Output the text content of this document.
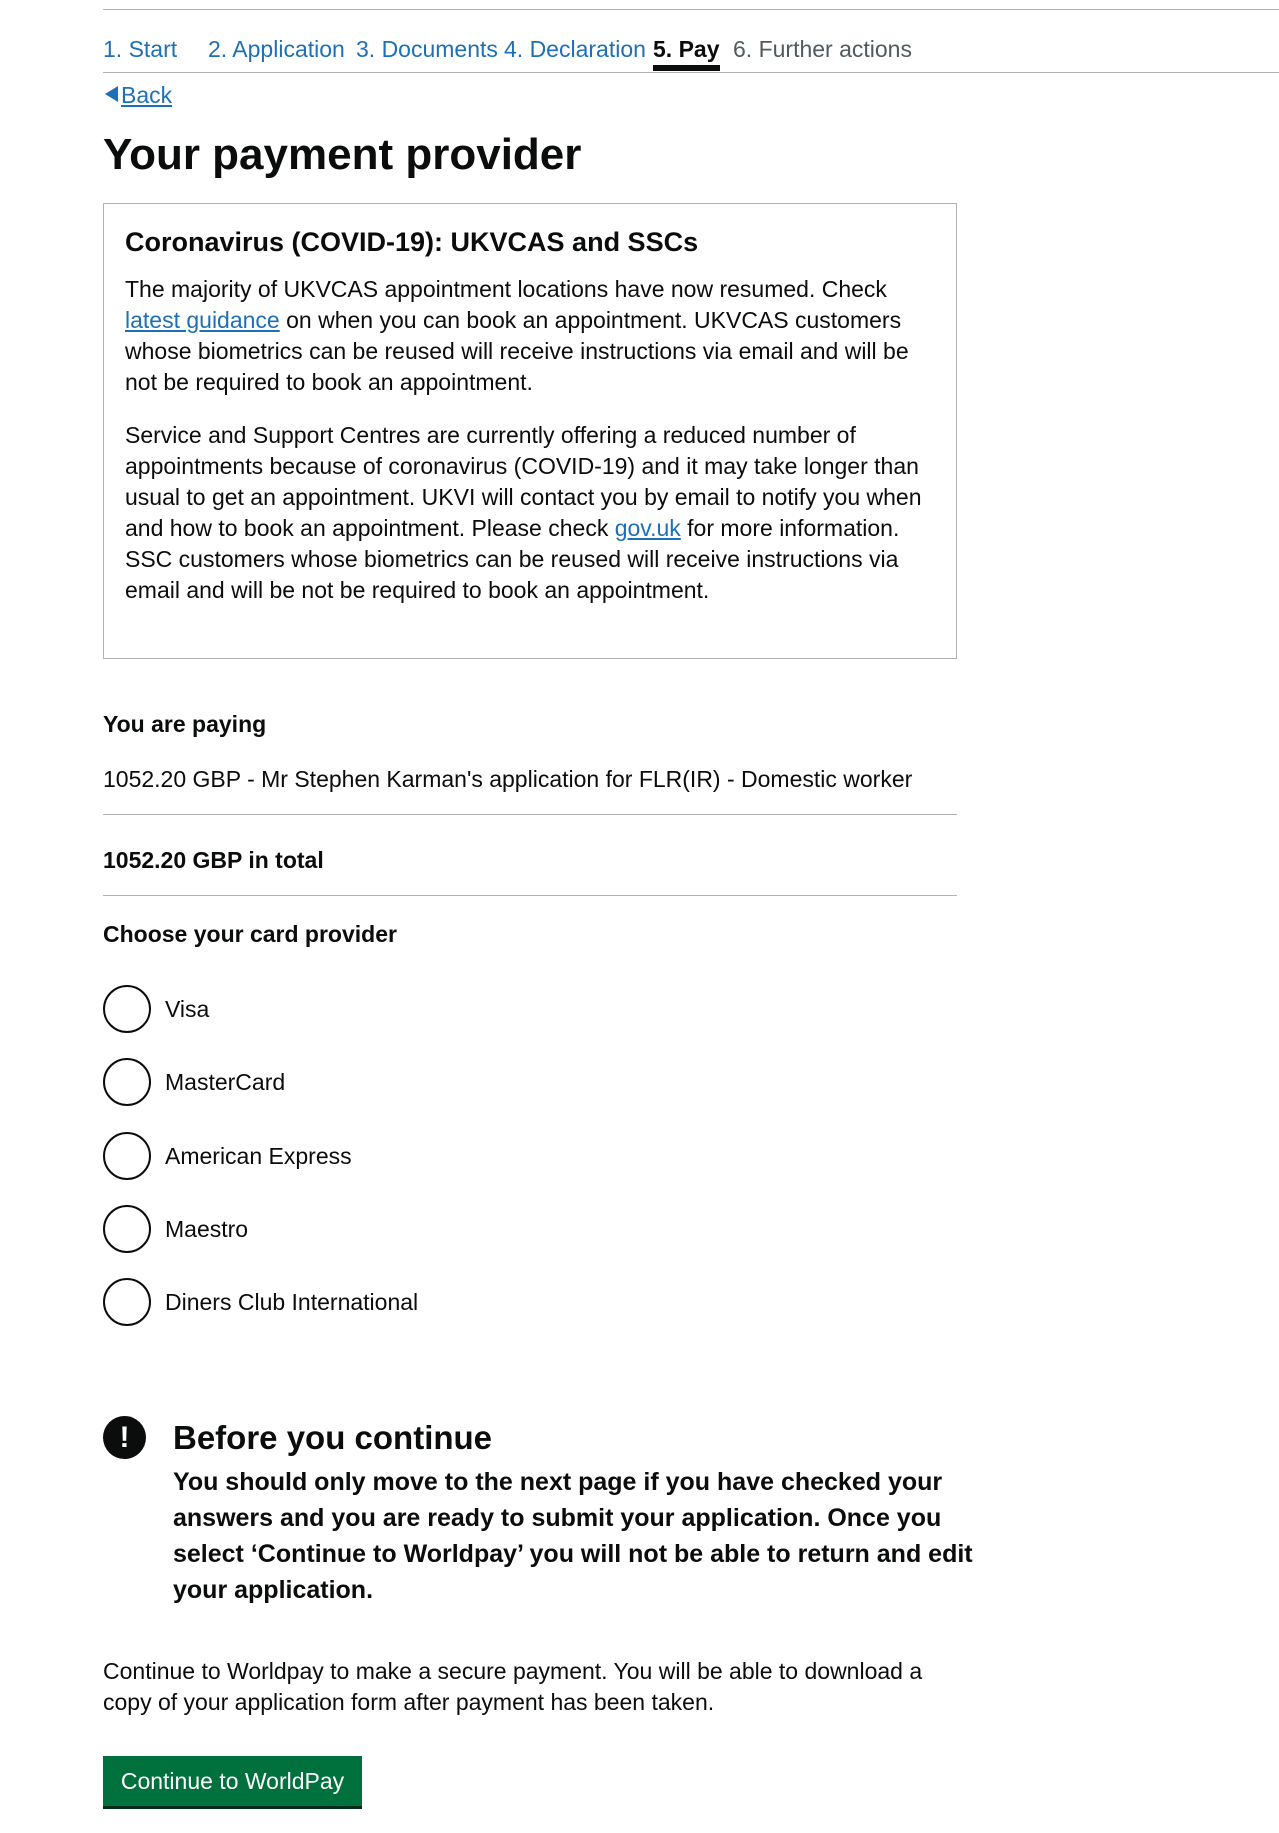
1. Start 2. Application 3. Documents 4. Declaration 5. Pay 6. Further actions
Back
Your payment provider
Coronavirus (COVID-19): UKVCAS and SSCs

The majority of UKVCAS appointment locations have now resumed. Check latest guidance on when you can book an appointment. UKVCAS customers whose biometrics can be reused will receive instructions via email and will be not be required to book an appointment.

Service and Support Centres are currently offering a reduced number of appointments because of coronavirus (COVID-19) and it may take longer than usual to get an appointment. UKVI will contact you by email to notify you when and how to book an appointment. Please check gov.uk for more information. SSC customers whose biometrics can be reused will receive instructions via email and will be not be required to book an appointment.

You are paying
1052.20 GBP - Mr Stephen Karman's application for FLR(IR) - Domestic worker
1052.20 GBP in total
Choose your card provider
Visa
MasterCard
American Express
Maestro
Diners Club International
!	Before you continue
You should only move to the next page if you have checked your answers and you are ready to submit your application. Once you select ‘Continue to Worldpay’ you will not be able to return and edit your application.
Continue to Worldpay to make a secure payment. You will be able to download a copy of your application form after payment has been taken.
Continue to WorldPay
